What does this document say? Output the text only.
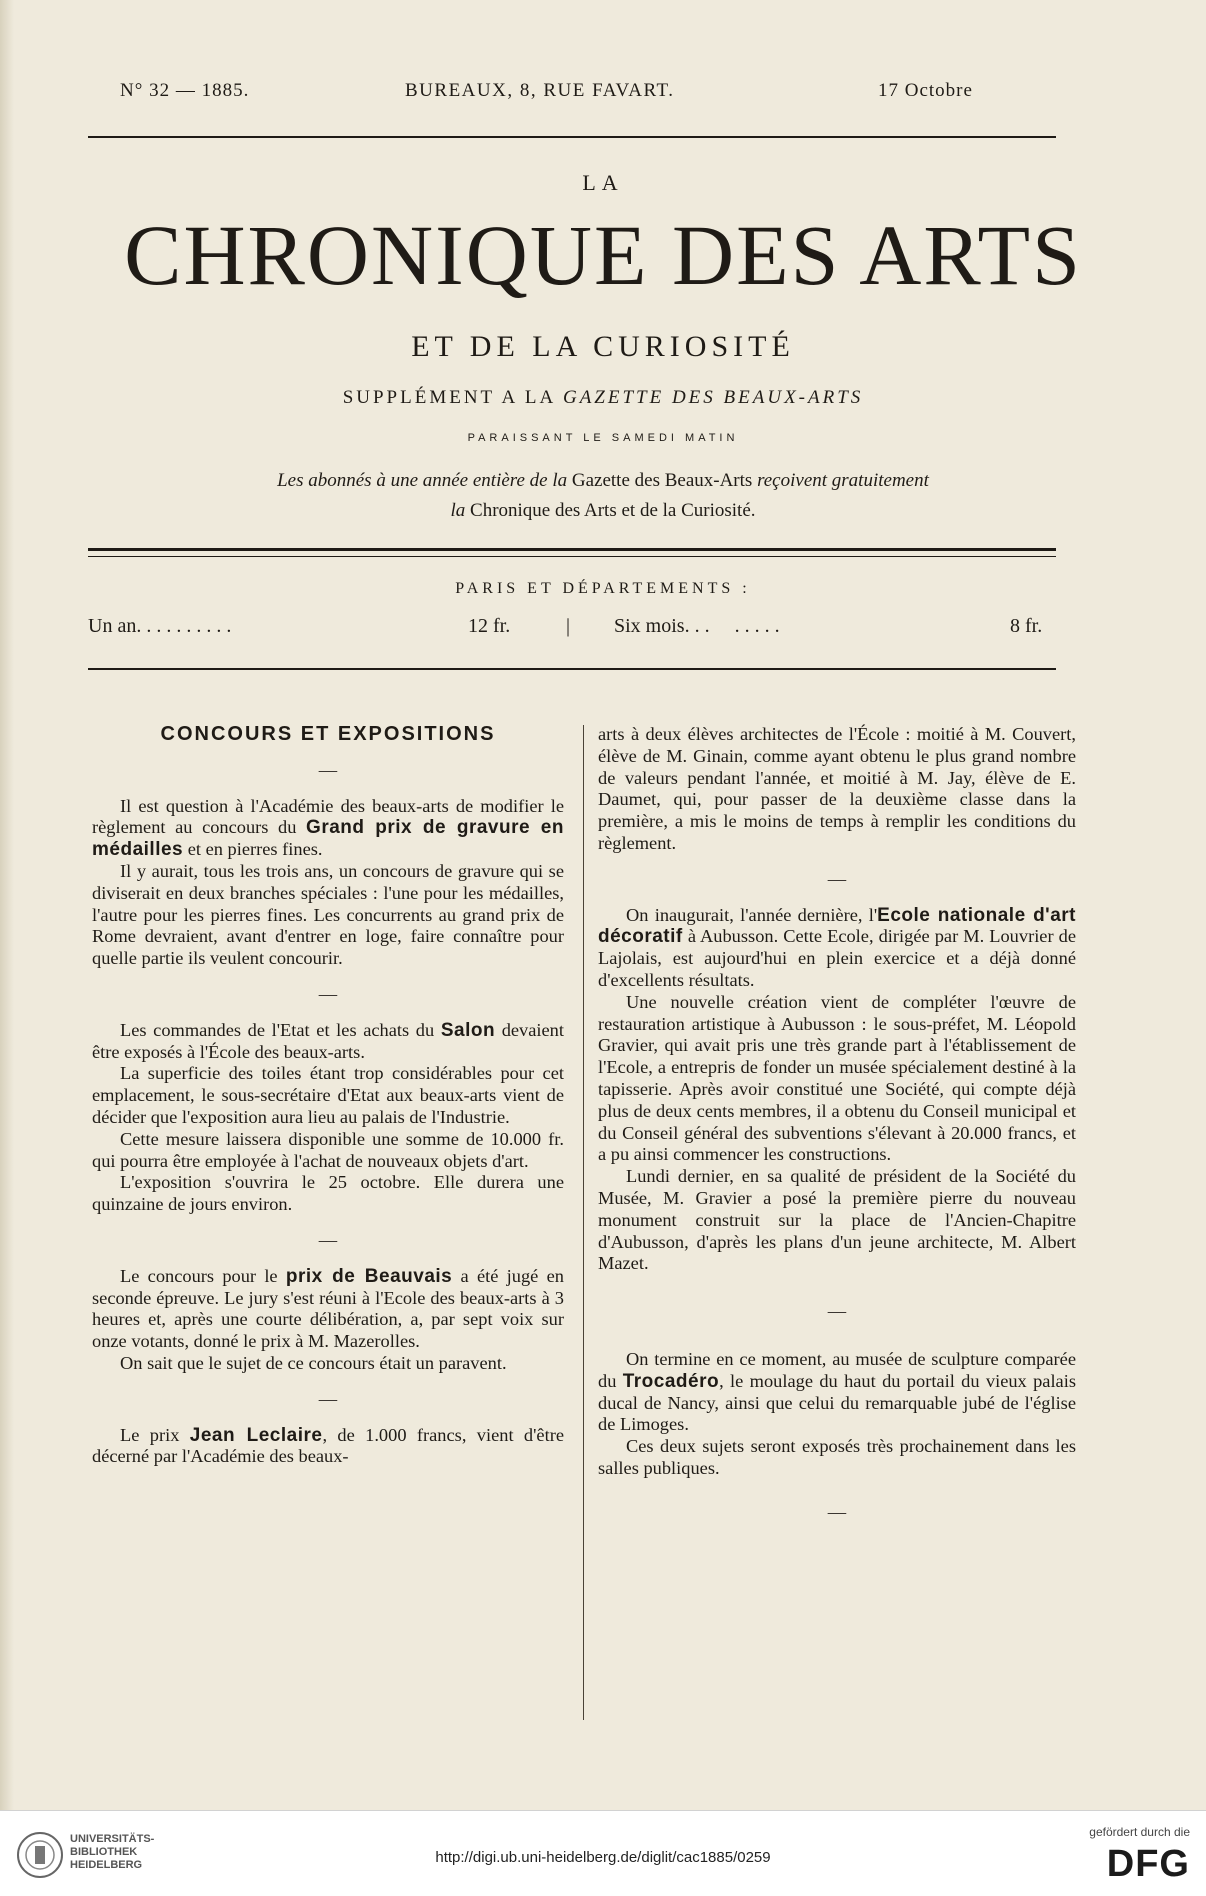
N° 32 — 1885.	BUREAUX, 8, RUE FAVART.	17 Octobre
LA
CHRONIQUE DES ARTS
ET DE LA CURIOSITÉ
SUPPLÉMENT A LA GAZETTE DES BEAUX-ARTS
PARAISSANT LE SAMEDI MATIN
Les abonnés à une année entière de la Gazette des Beaux-Arts reçoivent gratuitement
la Chronique des Arts et de la Curiosité.
PARIS ET DÉPARTEMENTS :
Un an. . . . . . . . . .	12 fr.	| Six mois. . .     . . . . .	8 fr.
CONCOURS ET EXPOSITIONS
—

Il est question à l'Académie des beaux-arts de modifier le règlement au concours du Grand prix de gravure en médailles et en pierres fines.

Il y aurait, tous les trois ans, un concours de gravure qui se diviserait en deux branches spéciales : l'une pour les médailles, l'autre pour les pierres fines. Les concurrents au grand prix de Rome devraient, avant d'entrer en loge, faire connaître pour quelle partie ils veulent concourir.

—

Les commandes de l'Etat et les achats du Salon devaient être exposés à l'École des beaux-arts.

La superficie des toiles étant trop considérables pour cet emplacement, le sous-secrétaire d'Etat aux beaux-arts vient de décider que l'exposition aura lieu au palais de l'Industrie.

Cette mesure laissera disponible une somme de 10.000 fr. qui pourra être employée à l'achat de nouveaux objets d'art.

L'exposition s'ouvrira le 25 octobre. Elle durera une quinzaine de jours environ.

—

Le concours pour le prix de Beauvais a été jugé en seconde épreuve. Le jury s'est réuni à l'Ecole des beaux-arts à 3 heures et, après une courte délibération, a, par sept voix sur onze votants, donné le prix à M. Mazerolles.

On sait que le sujet de ce concours était un paravent.

—

Le prix Jean Leclaire, de 1.000 francs, vient d'être décerné par l'Académie des beaux-

arts à deux élèves architectes de l'École : moitié à M. Couvert, élève de M. Ginain, comme ayant obtenu le plus grand nombre de valeurs pendant l'année, et moitié à M. Jay, élève de E. Daumet, qui, pour passer de la deuxième classe dans la première, a mis le moins de temps à remplir les conditions du règlement.

—

On inaugurait, l'année dernière, l'Ecole nationale d'art décoratif à Aubusson. Cette Ecole, dirigée par M. Louvrier de Lajolais, est aujourd'hui en plein exercice et a déjà donné d'excellents résultats.

Une nouvelle création vient de compléter l'œuvre de restauration artistique à Aubusson : le sous-préfet, M. Léopold Gravier, qui avait pris une très grande part à l'établissement de l'Ecole, a entrepris de fonder un musée spécialement destiné à la tapisserie. Après avoir constitué une Société, qui compte déjà plus de deux cents membres, il a obtenu du Conseil municipal et du Conseil général des subventions s'élevant à 20.000 francs, et a pu ainsi commencer les constructions.

Lundi dernier, en sa qualité de président de la Société du Musée, M. Gravier a posé la première pierre du nouveau monument construit sur la place de l'Ancien-Chapitre d'Aubusson, d'après les plans d'un jeune architecte, M. Albert Mazet.

—

On termine en ce moment, au musée de sculpture comparée du Trocadéro, le moulage du haut du portail du vieux palais ducal de Nancy, ainsi que celui du remarquable jubé de l'église de Limoges.

Ces deux sujets seront exposés très prochainement dans les salles publiques.

—
UNIVERSITÄTS-
BIBLIOTHEK
HEIDELBERG	http://digi.ub.uni-heidelberg.de/diglit/cac1885/0259
gefördert durch die
DFG
